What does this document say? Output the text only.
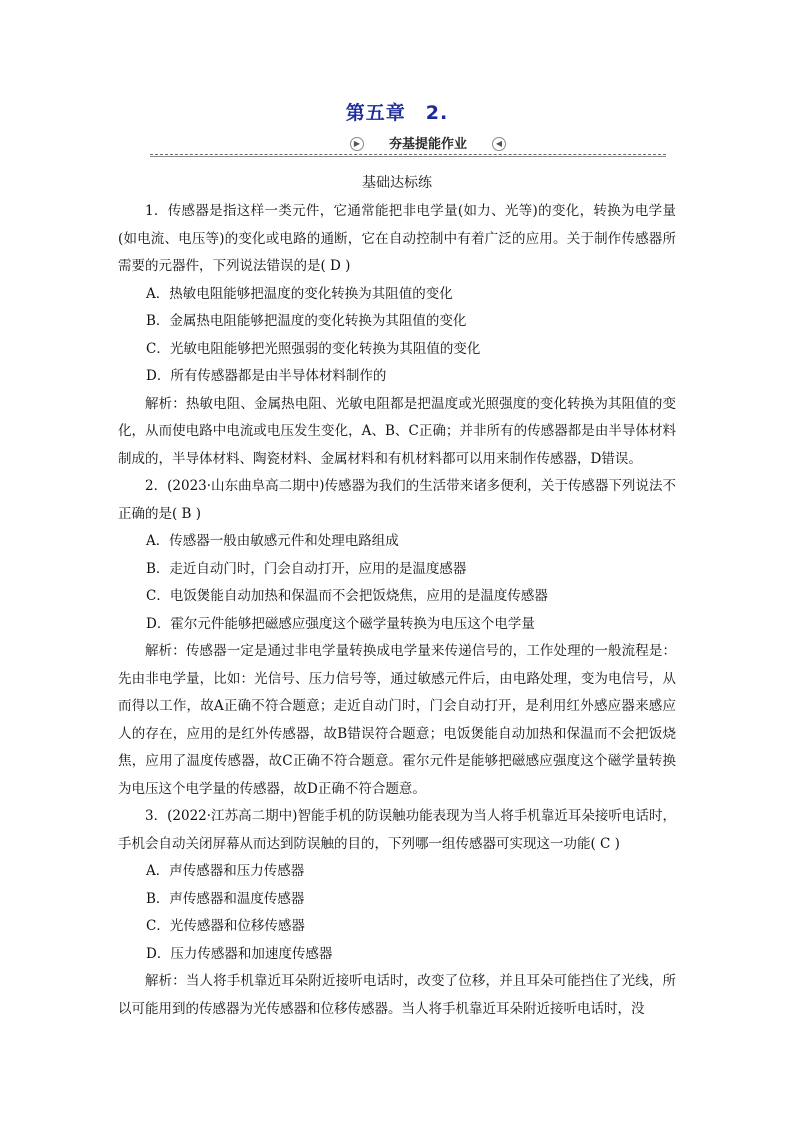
第五章　2.
夯基提能作业
▶	◀
基础达标练

1．传感器是指这样一类元件，它通常能把非电学量(如力、光等)的变化，转换为电学量(如电流、电压等)的变化或电路的通断，它在自动控制中有着广泛的应用。关于制作传感器所需要的元器件，下列说法错误的是( D )

A．热敏电阻能够把温度的变化转换为其阻值的变化

B．金属热电阻能够把温度的变化转换为其阻值的变化

C．光敏电阻能够把光照强弱的变化转换为其阻值的变化

D．所有传感器都是由半导体材料制作的

解析：热敏电阻、金属热电阻、光敏电阻都是把温度或光照强度的变化转换为其阻值的变化，从而使电路中电流或电压发生变化，A、B、C正确；并非所有的传感器都是由半导体材料制成的，半导体材料、陶瓷材料、金属材料和有机材料都可以用来制作传感器，D错误。

2．(2023·山东曲阜高二期中)传感器为我们的生活带来诸多便利，关于传感器下列说法不正确的是( B )

A．传感器一般由敏感元件和处理电路组成

B．走近自动门时，门会自动打开，应用的是温度感器

C．电饭煲能自动加热和保温而不会把饭烧焦，应用的是温度传感器

D．霍尔元件能够把磁感应强度这个磁学量转换为电压这个电学量

解析：传感器一定是通过非电学量转换成电学量来传递信号的，工作处理的一般流程是：先由非电学量，比如：光信号、压力信号等，通过敏感元件后，由电路处理，变为电信号，从而得以工作，故A正确不符合题意；走近自动门时，门会自动打开，是利用红外感应器来感应人的存在，应用的是红外传感器，故B错误符合题意；电饭煲能自动加热和保温而不会把饭烧焦，应用了温度传感器，故C正确不符合题意。霍尔元件是能够把磁感应强度这个磁学量转换为电压这个电学量的传感器，故D正确不符合题意。

3．(2022·江苏高二期中)智能手机的防误触功能表现为当人将手机靠近耳朵接听电话时，手机会自动关闭屏幕从而达到防误触的目的，下列哪一组传感器可实现这一功能( C )

A．声传感器和压力传感器

B．声传感器和温度传感器

C．光传感器和位移传感器

D．压力传感器和加速度传感器

解析：当人将手机靠近耳朵附近接听电话时，改变了位移，并且耳朵可能挡住了光线，所以可能用到的传感器为光传感器和位移传感器。当人将手机靠近耳朵附近接听电话时，没
